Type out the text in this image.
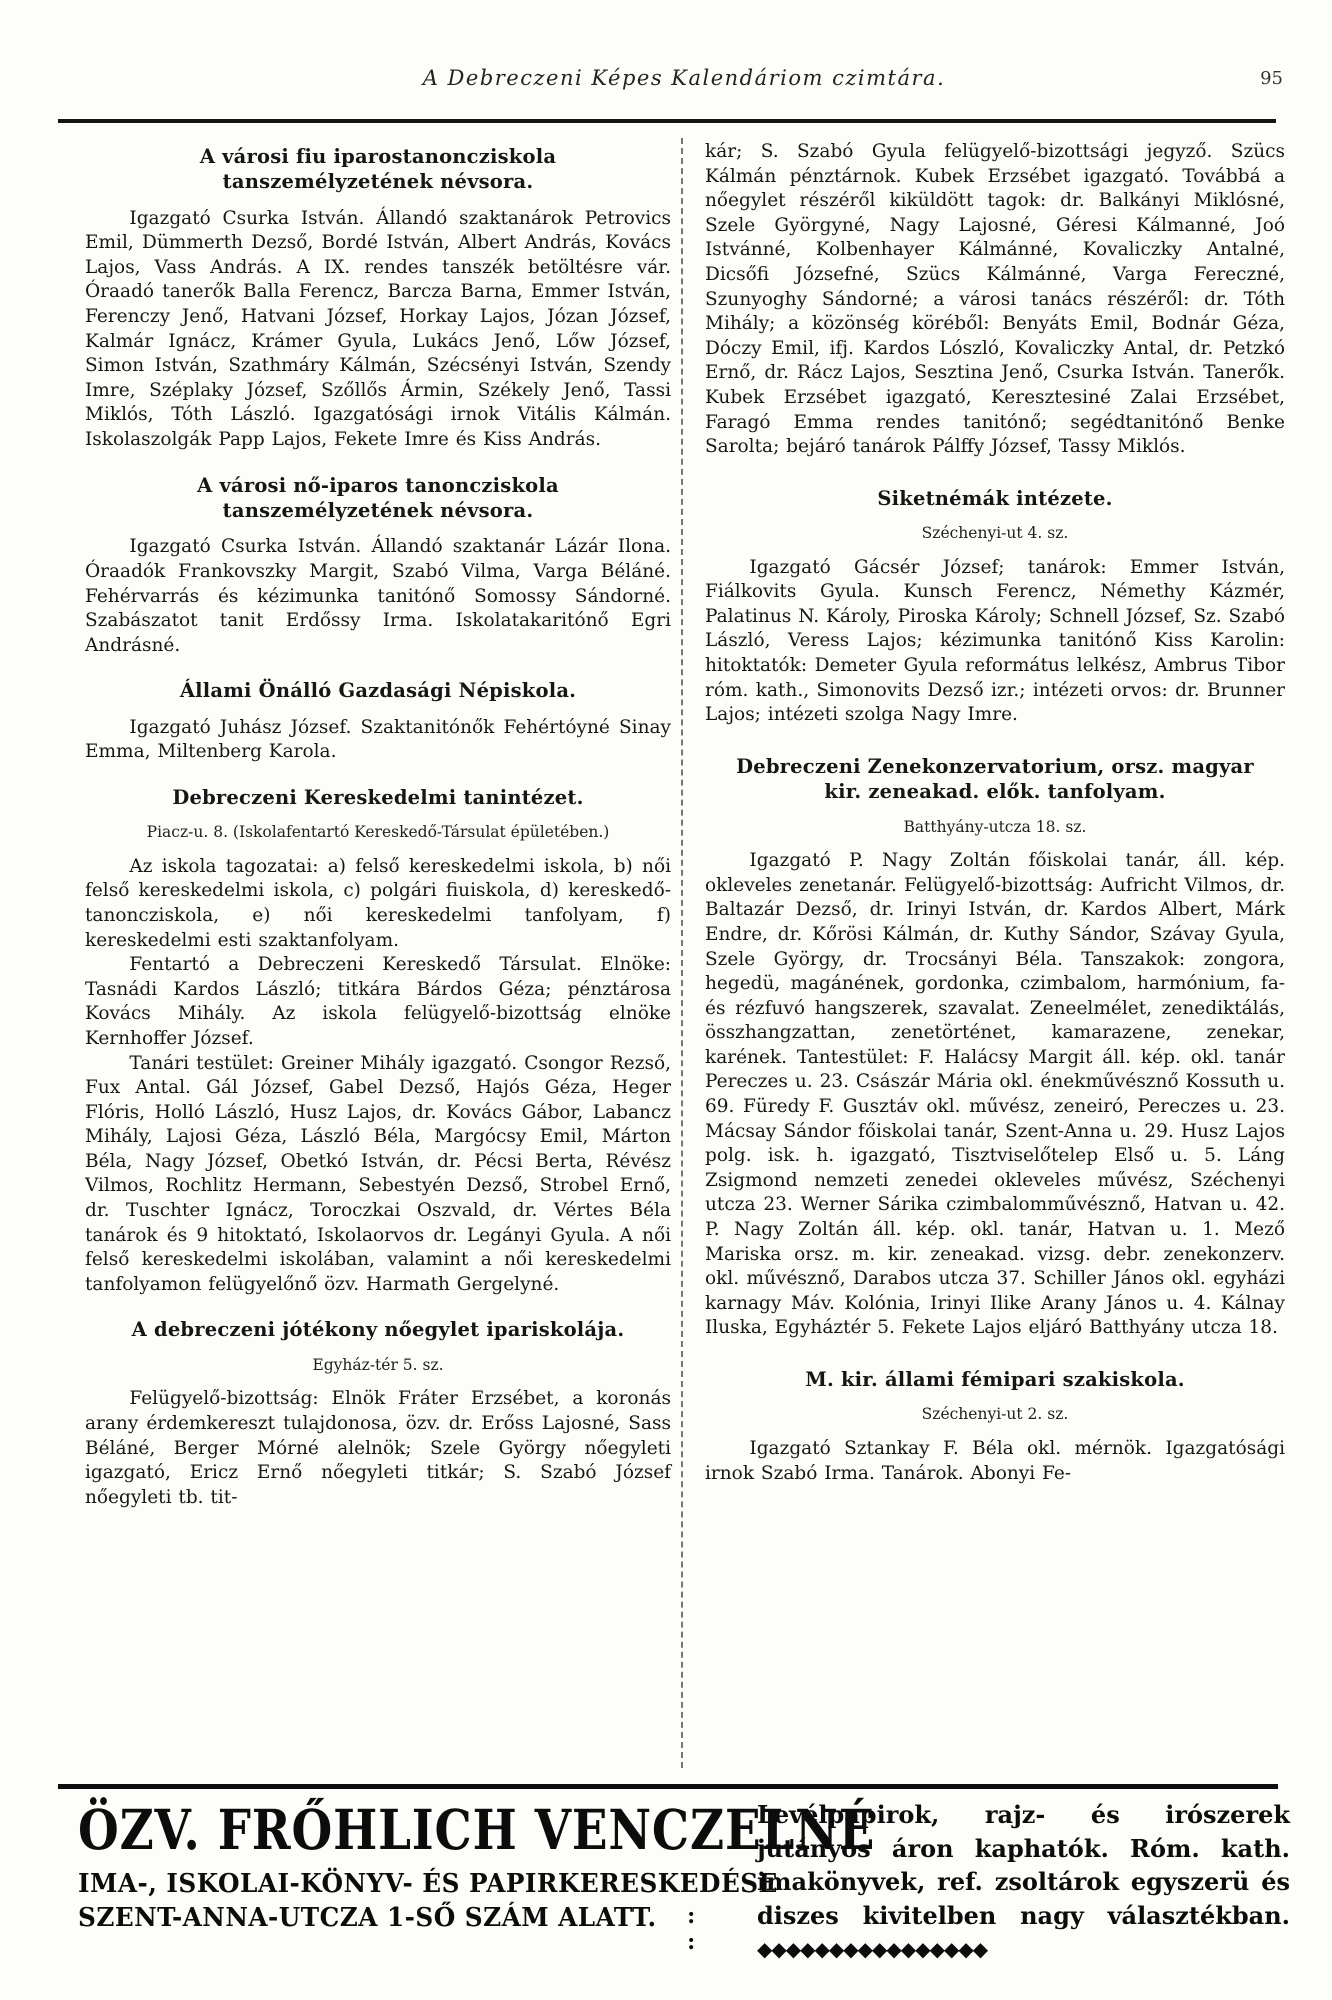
A Debreczeni Képes Kalendáriom czimtára.	95
A városi fiu iparostanoncziskola tanszemélyzetének névsora.

Igazgató Csurka István. Állandó szaktanárok Petrovics Emil, Dümmerth Dezső, Bordé István, Albert András, Kovács Lajos, Vass András. A IX. rendes tanszék betöltésre vár. Óraadó tanerők Balla Ferencz, Barcza Barna, Emmer István, Ferenczy Jenő, Hatvani József, Horkay Lajos, Józan József, Kalmár Ignácz, Krámer Gyula, Lukács Jenő, Lőw József, Simon István, Szathmáry Kálmán, Szécsényi István, Szendy Imre, Széplaky József, Szőllős Ármin, Székely Jenő, Tassi Miklós, Tóth László. Igazgatósági irnok Vitális Kálmán. Iskolaszolgák Papp Lajos, Fekete Imre és Kiss András.

A városi nő-iparos tanoncziskola tanszemélyzetének névsora.

Igazgató Csurka István. Állandó szaktanár Lázár Ilona. Óraadók Frankovszky Margit, Szabó Vilma, Varga Béláné. Fehérvarrás és kézimunka tanitónő Somossy Sándorné. Szabászatot tanit Erdőssy Irma. Iskolatakaritónő Egri Andrásné.

Állami Önálló Gazdasági Népiskola.

Igazgató Juhász József. Szaktanitónők Fehértóyné Sinay Emma, Miltenberg Karola.

Debreczeni Kereskedelmi tanintézet.
Piacz-u. 8. (Iskolafentartó Kereskedő-Társulat épületében.)

Az iskola tagozatai: a) felső kereskedelmi iskola, b) női felső kereskedelmi iskola, c) polgári fiuiskola, d) kereskedő-tanoncziskola, e) női kereskedelmi tanfolyam, f) kereskedelmi esti szaktanfolyam.

Fentartó a Debreczeni Kereskedő Társulat. Elnöke: Tasnádi Kardos László; titkára Bárdos Géza; pénztárosa Kovács Mihály. Az iskola felügyelő-bizottság elnöke Kernhoffer József.

Tanári testület: Greiner Mihály igazgató. Csongor Rezső, Fux Antal. Gál József, Gabel Dezső, Hajós Géza, Heger Flóris, Holló László, Husz Lajos, dr. Kovács Gábor, Labancz Mihály, Lajosi Géza, László Béla, Margócsy Emil, Márton Béla, Nagy József, Obetkó István, dr. Pécsi Berta, Révész Vilmos, Rochlitz Hermann, Sebestyén Dezső, Strobel Ernő, dr. Tuschter Ignácz, Toroczkai Oszvald, dr. Vértes Béla tanárok és 9 hitoktató, Iskolaorvos dr. Legányi Gyula. A női felső kereskedelmi iskolában, valamint a női kereskedelmi tanfolyamon felügyelőnő özv. Harmath Gergelyné.

A debreczeni jótékony nőegylet ipariskolája.
Egyház-tér 5. sz.

Felügyelő-bizottság: Elnök Fráter Erzsébet, a koronás arany érdemkereszt tulajdonosa, özv. dr. Erőss Lajosné, Sass Béláné, Berger Mórné alelnök; Szele György nőegyleti igazgató, Ericz Ernő nőegyleti titkár; S. Szabó József nőegyleti tb. tit-

kár; S. Szabó Gyula felügyelő-bizottsági jegyző. Szücs Kálmán pénztárnok. Kubek Erzsébet igazgató. Továbbá a nőegylet részéről kiküldött tagok: dr. Balkányi Miklósné, Szele Györgyné, Nagy Lajosné, Géresi Kálmanné, Joó Istvánné, Kolbenhayer Kálmánné, Kovaliczky Antalné, Dicsőfi Józsefné, Szücs Kálmánné, Varga Fereczné, Szunyoghy Sándorné; a városi tanács részéről: dr. Tóth Mihály; a közönség köréből: Benyáts Emil, Bodnár Géza, Dóczy Emil, ifj. Kardos Lószló, Kovaliczky Antal, dr. Petzkó Ernő, dr. Rácz Lajos, Sesztina Jenő, Csurka István. Tanerők. Kubek Erzsébet igazgató, Keresztesiné Zalai Erzsébet, Faragó Emma rendes tanitónő; segédtanitónő Benke Sarolta; bejáró tanárok Pálffy József, Tassy Miklós.

Siketnémák intézete.
Széchenyi-ut 4. sz.

Igazgató Gácsér József; tanárok: Emmer István, Fiálkovits Gyula. Kunsch Ferencz, Némethy Kázmér, Palatinus N. Károly, Piroska Károly; Schnell József, Sz. Szabó László, Veress Lajos; kézimunka tanitónő Kiss Karolin: hitoktatók: Demeter Gyula református lelkész, Ambrus Tibor róm. kath., Simonovits Dezső izr.; intézeti orvos: dr. Brunner Lajos; intézeti szolga Nagy Imre.

Debreczeni Zenekonzervatorium, orsz. magyar kir. zeneakad. elők. tanfolyam.
Batthyány-utcza 18. sz.

Igazgató P. Nagy Zoltán főiskolai tanár, áll. kép. okleveles zenetanár. Felügyelő-bizottság: Aufricht Vilmos, dr. Baltazár Dezső, dr. Irinyi István, dr. Kardos Albert, Márk Endre, dr. Kőrösi Kálmán, dr. Kuthy Sándor, Szávay Gyula, Szele György, dr. Trocsányi Béla. Tanszakok: zongora, hegedü, magánének, gordonka, czimbalom, harmónium, fa- és rézfuvó hangszerek, szavalat. Zeneelmélet, zenediktálás, összhangzattan, zenetörténet, kamarazene, zenekar, karének. Tantestület: F. Halácsy Margit áll. kép. okl. tanár Pereczes u. 23. Császár Mária okl. énekművésznő Kossuth u. 69. Füredy F. Gusztáv okl. művész, zeneiró, Pereczes u. 23. Mácsay Sándor főiskolai tanár, Szent-Anna u. 29. Husz Lajos polg. isk. h. igazgató, Tisztviselőtelep Első u. 5. Láng Zsigmond nemzeti zenedei okleveles művész, Széchenyi utcza 23. Werner Sárika czimbalomművésznő, Hatvan u. 42. P. Nagy Zoltán áll. kép. okl. tanár, Hatvan u. 1. Mező Mariska orsz. m. kir. zeneakad. vizsg. debr. zenekonzerv. okl. művésznő, Darabos utcza 37. Schiller János okl. egyházi karnagy Máv. Kolónia, Irinyi Ilike Arany János u. 4. Kálnay Iluska, Egyháztér 5. Fekete Lajos eljáró Batthyány utcza 18.

M. kir. állami fémipari szakiskola.
Széchenyi-ut 2. sz.

Igazgató Sztankay F. Béla okl. mérnök. Igazgatósági irnok Szabó Irma. Tanárok. Abonyi Fe-

ÖZV. FRŐHLICH VENCZELNÉ
IMA-, ISKOLAI-KÖNYV- ÉS PAPIRKERESKEDÉSE
SZENT-ANNA-UTCZA 1-SŐ SZÁM ALATT. : :
Levélpapirok, rajz- és irószerek jutányos áron kaphatók. Róm. kath. imakönyvek, ref. zsoltárok egyszerü és diszes kivitelben nagy választékban. ◆◆◆◆◆◆◆◆◆◆◆◆◆◆◆◆
